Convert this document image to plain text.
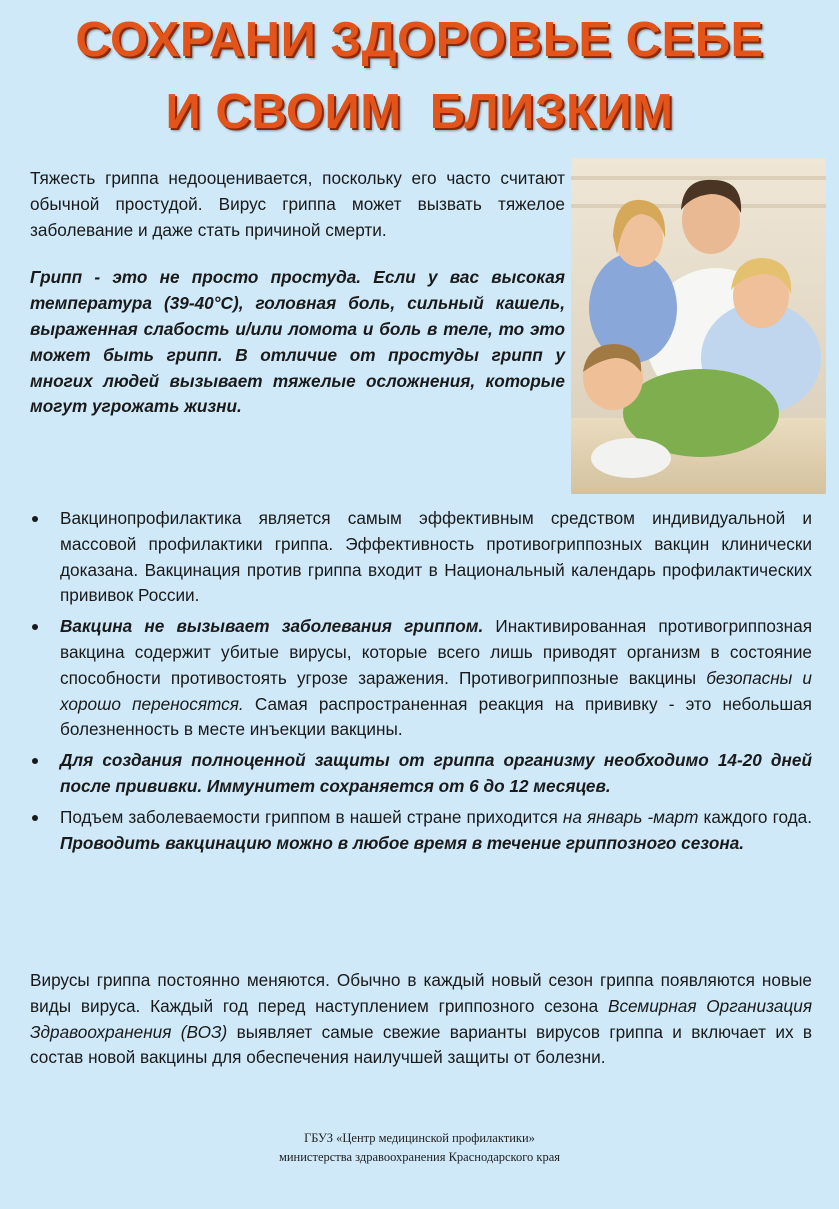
СОХРАНИ ЗДОРОВЬЕ СЕБЕ
И СВОИМ  БЛИЗКИМ

Тяжесть гриппа недооценивается, поскольку его часто считают обычной простудой. Вирус гриппа может вызвать тяжелое заболевание и даже стать причиной смерти.

Грипп - это не просто простуда. Если у вас высокая температура (39-40°С), головная боль, сильный кашель, выраженная слабость и/или ломота и боль в теле, то это может быть грипп. В отличие от простуды грипп у многих людей вызывает тяжелые осложнения, которые могут угрожать жизни.

Вакцинопрофилактика является самым эффективным средством индивидуальной и массовой профилактики гриппа. Эффективность противогриппозных вакцин клинически доказана. Вакцинация против гриппа входит в Национальный календарь профилактических прививок России.
Вакцина не вызывает заболевания гриппом. Инактивированная противогриппозная вакцина содержит убитые вирусы, которые всего лишь приводят организм в состояние способности противостоять угрозе заражения. Противогриппозные вакцины безопасны и хорошо переносятся. Самая распространенная реакция на прививку - это небольшая болезненность в месте инъекции вакцины.
Для создания полноценной защиты от гриппа организму необходимо 14-20 дней после прививки. Иммунитет сохраняется от 6 до 12 месяцев.
Подъем заболеваемости гриппом в нашей стране приходится на январь -март каждого года. Проводить вакцинацию можно в любое время в течение гриппозного сезона.

Вирусы гриппа постоянно меняются. Обычно в каждый новый сезон гриппа появляются новые виды вируса. Каждый год перед наступлением гриппозного сезона Всемирная Организация Здравоохранения (ВОЗ) выявляет самые свежие варианты вирусов гриппа и включает их в состав новой вакцины для обеспечения наилучшей защиты от болезни.

ГБУЗ «Центр медицинской профилактики»
министерства здравоохранения Краснодарского края
